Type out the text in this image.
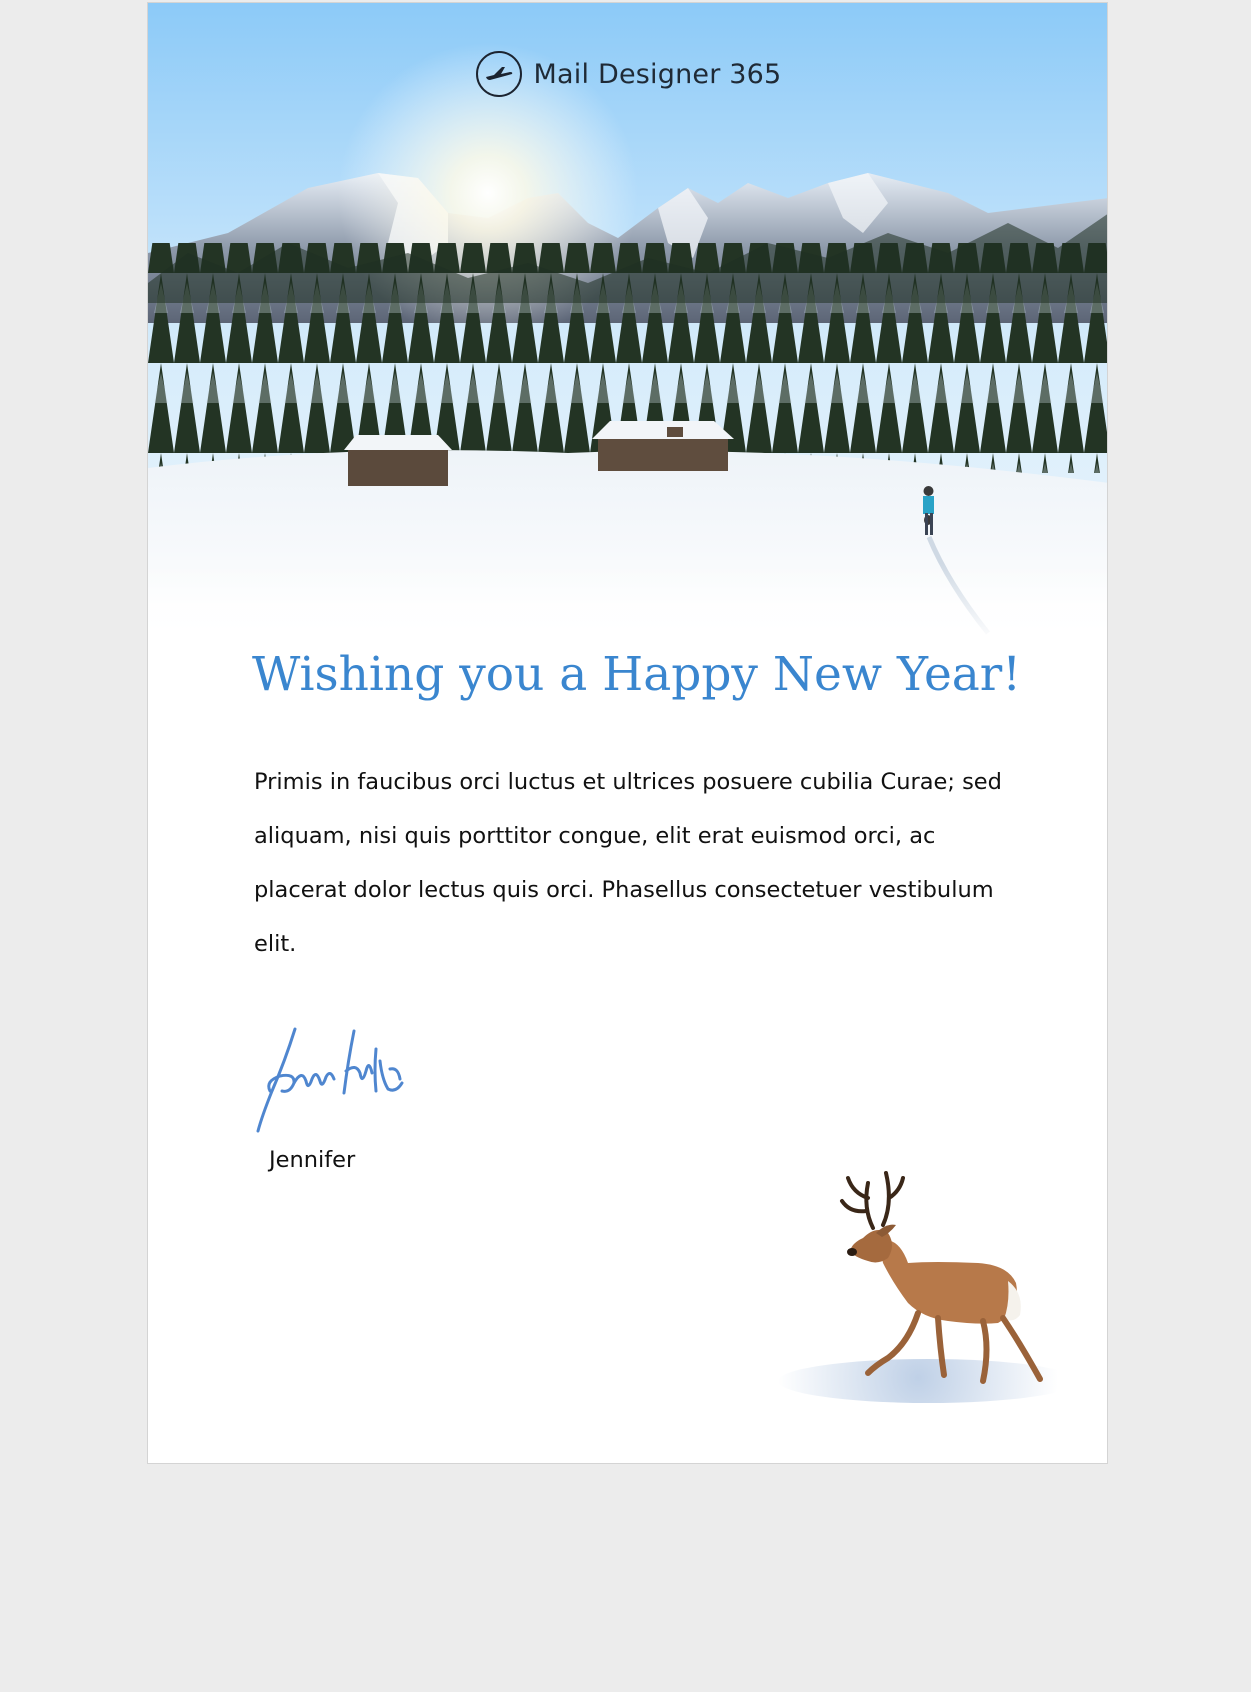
Mail Designer 365
Wishing you a Happy New Year!

Primis in faucibus orci luctus et ultrices posuere cubilia Curae; sed aliquam, nisi quis porttitor congue, elit erat euismod orci, ac placerat dolor lectus quis orci. Phasellus consectetuer vestibulum elit.

Jennifer
